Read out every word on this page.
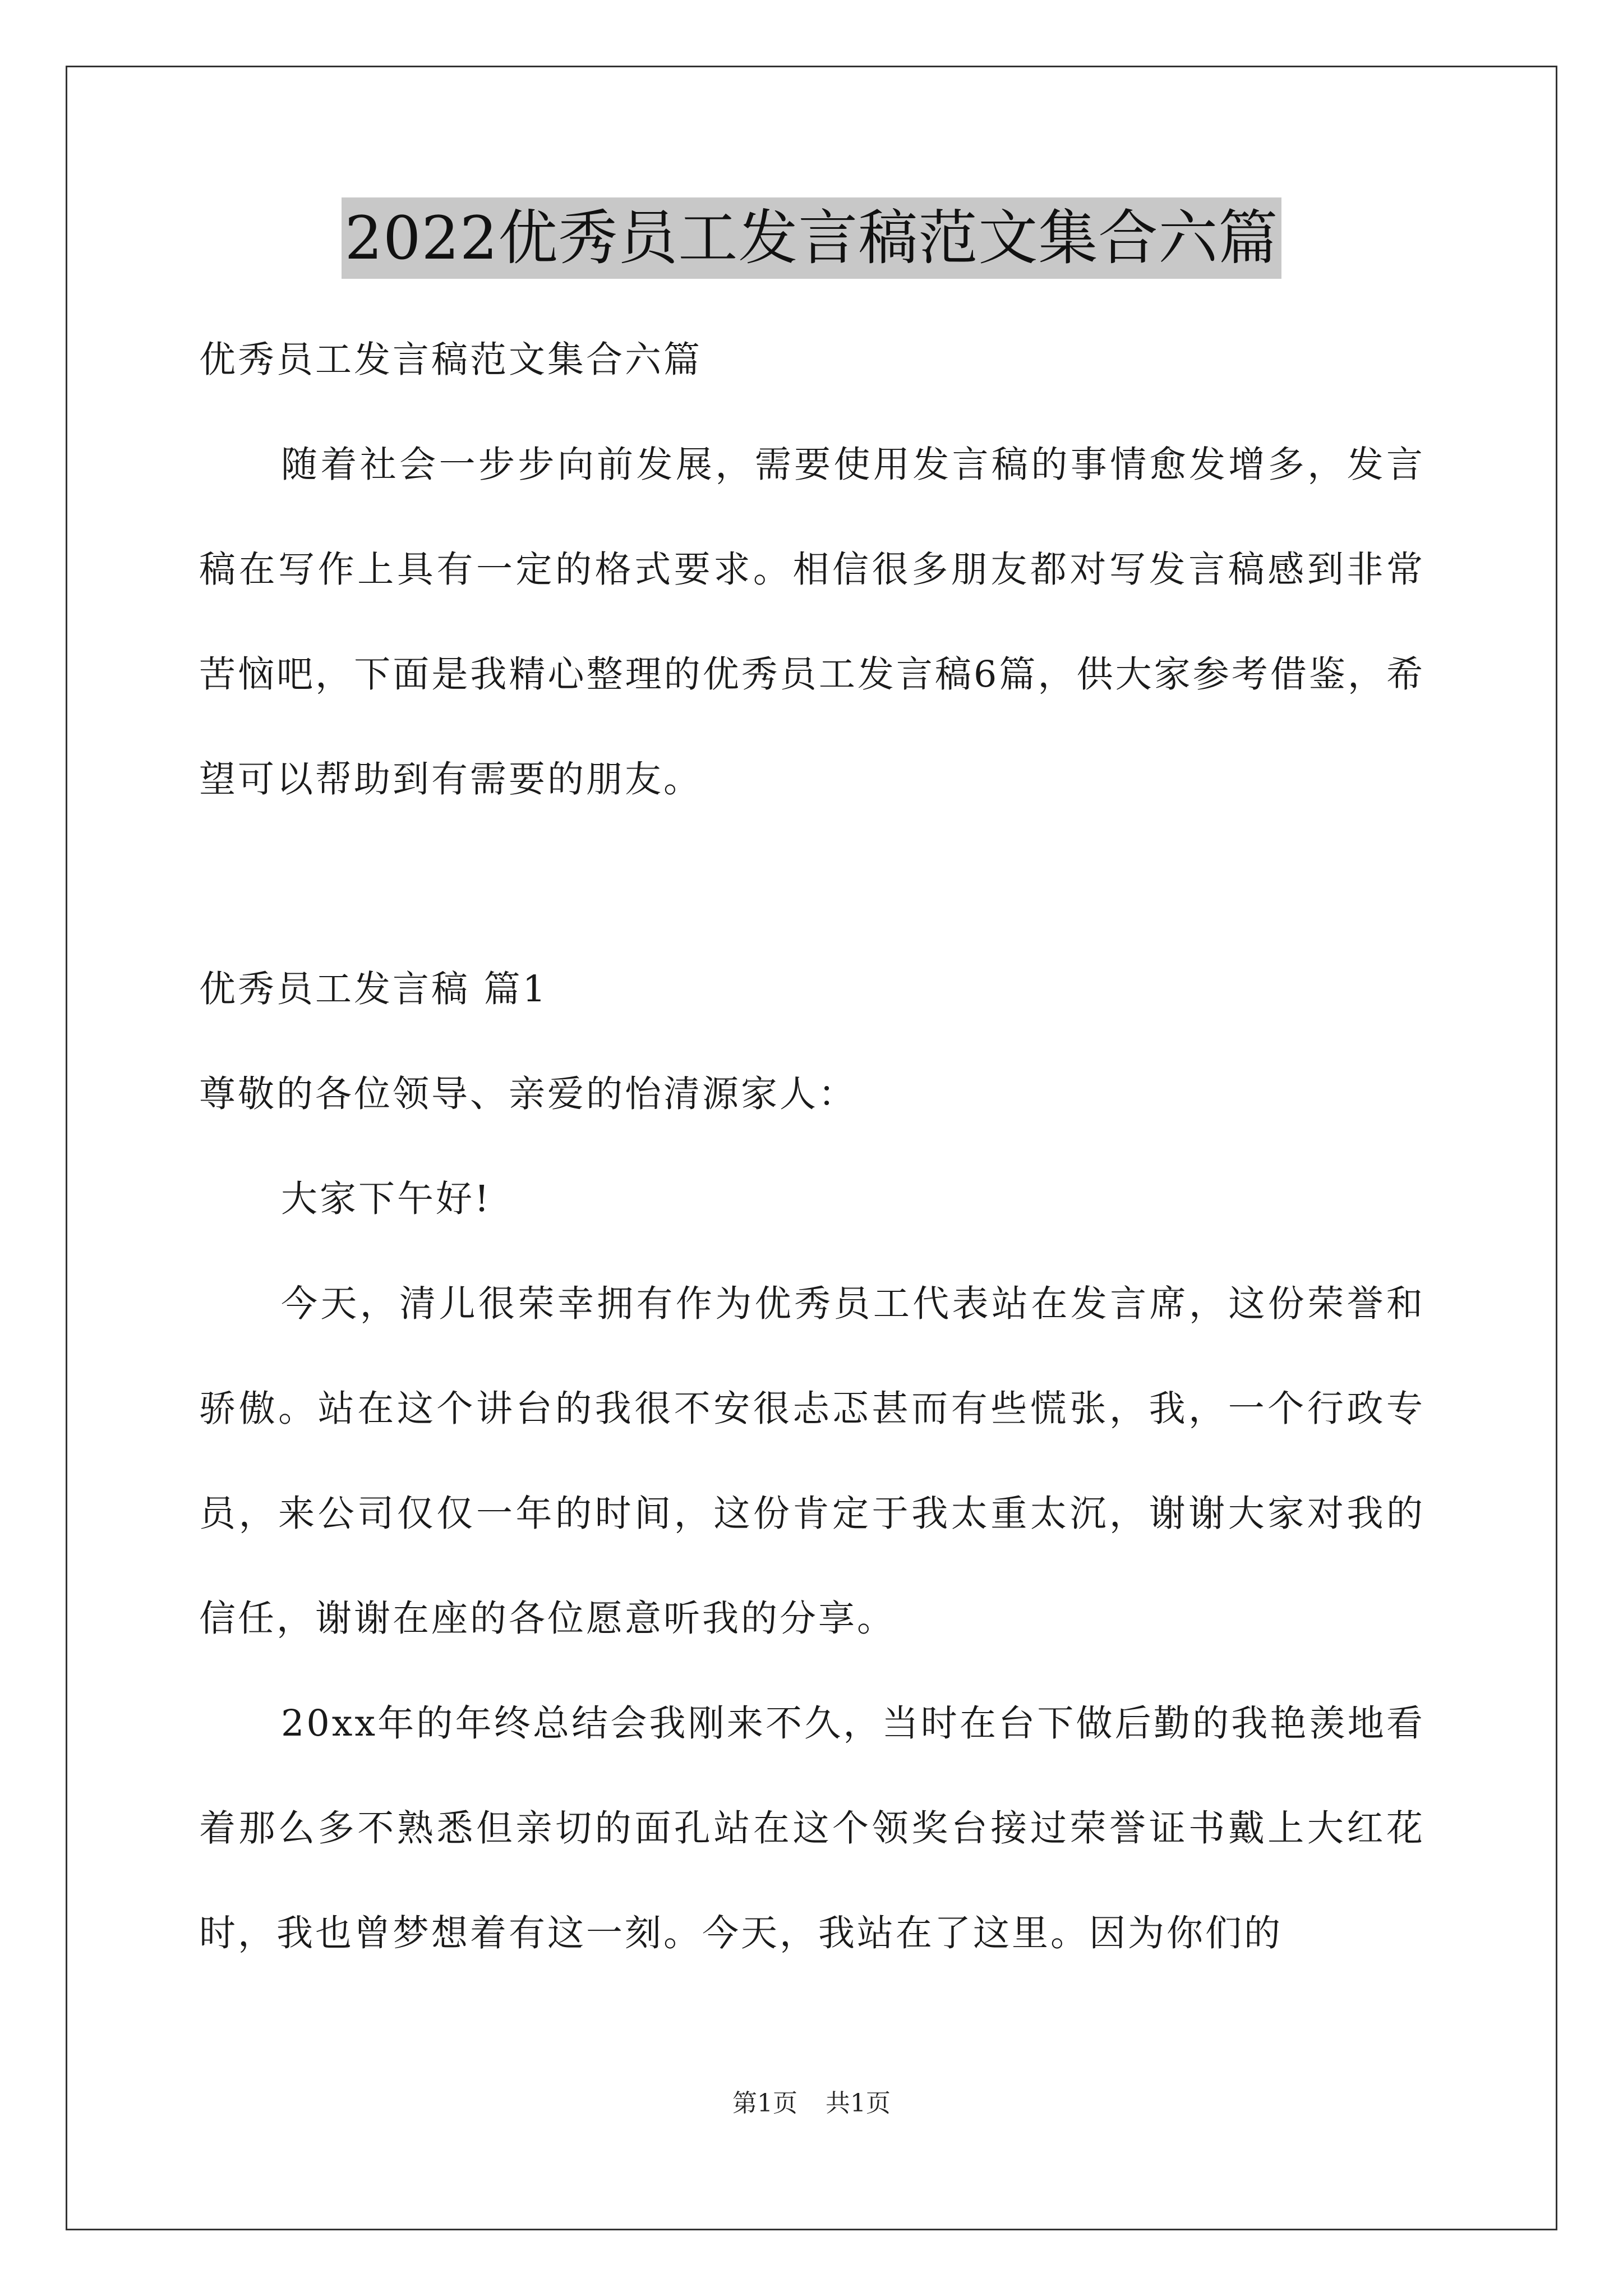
2022优秀员工发言稿范文集合六篇

优秀员工发言稿范文集合六篇

随着社会一步步向前发展，需要使用发言稿的事情愈发增多，发言稿在写作上具有一定的格式要求。相信很多朋友都对写发言稿感到非常苦恼吧，下面是我精心整理的优秀员工发言稿6篇，供大家参考借鉴，希望可以帮助到有需要的朋友。

优秀员工发言稿 篇1

尊敬的各位领导、亲爱的怡清源家人：

大家下午好!

今天，清儿很荣幸拥有作为优秀员工代表站在发言席，这份荣誉和骄傲。站在这个讲台的我很不安很忐忑甚而有些慌张，我，一个行政专员，来公司仅仅一年的时间，这份肯定于我太重太沉，谢谢大家对我的信任，谢谢在座的各位愿意听我的分享。

20xx年的年终总结会我刚来不久，当时在台下做后勤的我艳羡地看着那么多不熟悉但亲切的面孔站在这个领奖台接过荣誉证书戴上大红花时，我也曾梦想着有这一刻。今天，我站在了这里。因为你们的

第1页 共1页
